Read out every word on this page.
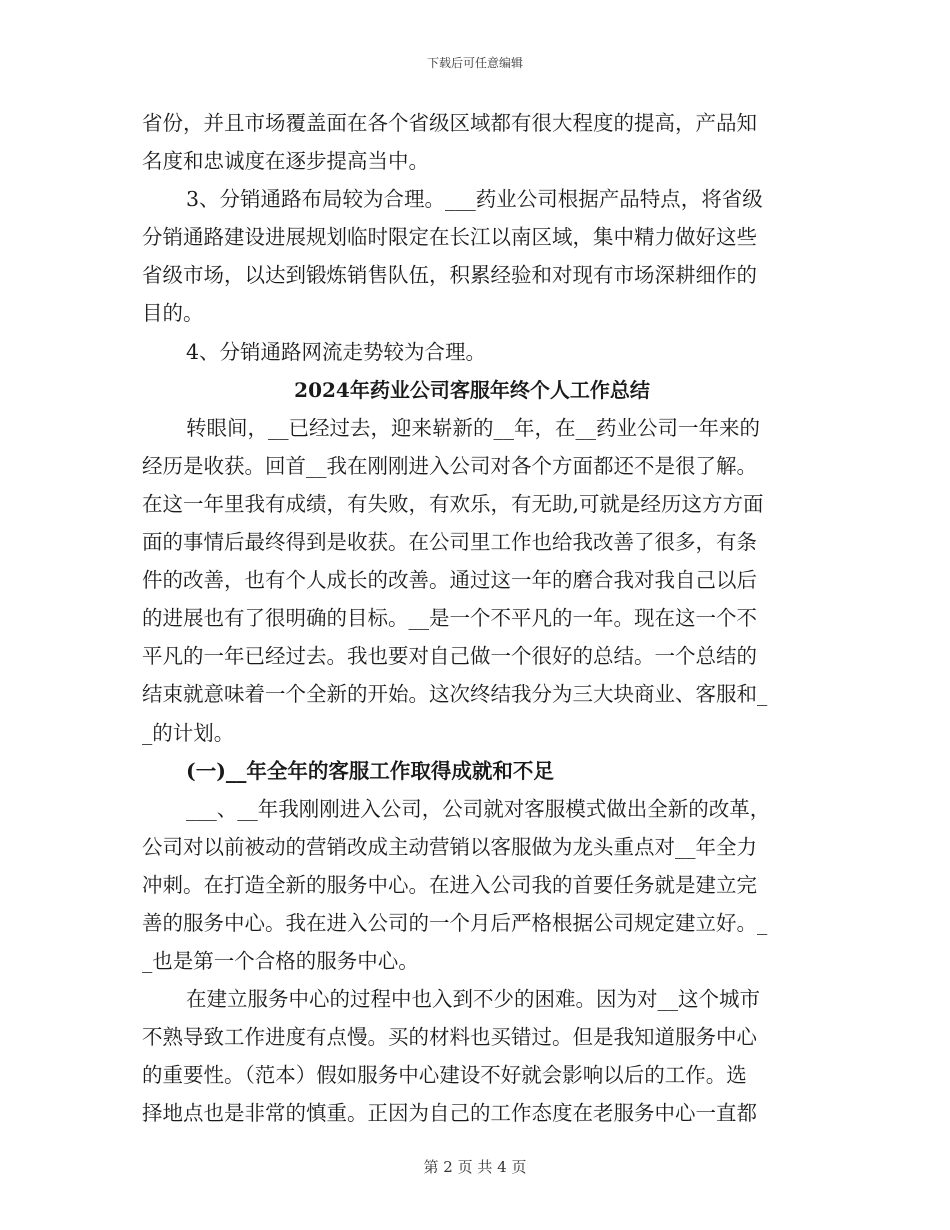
下载后可任意编辑
省份，并且市场覆盖面在各个省级区域都有很大程度的提高，产品知
名度和忠诚度在逐步提高当中。
3、分销通路布局较为合理。___药业公司根据产品特点，将省级
分销通路建设进展规划临时限定在长江以南区域，集中精力做好这些
省级市场，以达到锻炼销售队伍，积累经验和对现有市场深耕细作的
目的。
4、分销通路网流走势较为合理。
2024年药业公司客服年终个人工作总结
转眼间，__已经过去，迎来崭新的__年，在__药业公司一年来的
经历是收获。回首__我在刚刚进入公司对各个方面都还不是很了解。
在这一年里我有成绩，有失败，有欢乐，有无助,可就是经历这方方面
面的事情后最终得到是收获。在公司里工作也给我改善了很多，有条
件的改善，也有个人成长的改善。通过这一年的磨合我对我自己以后
的进展也有了很明确的目标。__是一个不平凡的一年。现在这一个不
平凡的一年已经过去。我也要对自己做一个很好的总结。一个总结的
结束就意味着一个全新的开始。这次终结我分为三大块商业、客服和_
_的计划。
(一)__年全年的客服工作取得成就和不足
___、__年我刚刚进入公司，公司就对客服模式做出全新的改革，
公司对以前被动的营销改成主动营销以客服做为龙头重点对__年全力
冲刺。在打造全新的服务中心。在进入公司我的首要任务就是建立完
善的服务中心。我在进入公司的一个月后严格根据公司规定建立好。_
_也是第一个合格的服务中心。
在建立服务中心的过程中也入到不少的困难。因为对__这个城市
不熟导致工作进度有点慢。买的材料也买错过。但是我知道服务中心
的重要性。（范本）假如服务中心建设不好就会影响以后的工作。选
择地点也是非常的慎重。正因为自己的工作态度在老服务中心一直都
第 2 页 共 4 页
